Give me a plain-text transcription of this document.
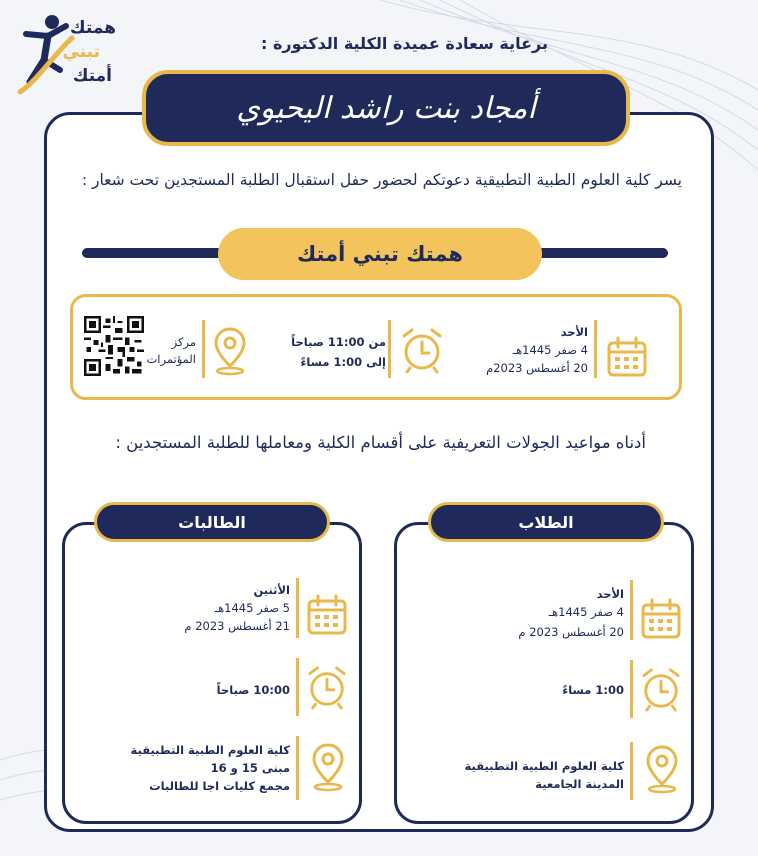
همتك
تبني
أمتك
برعاية سعادة عميدة الكلية الدكتورة :
أمجاد بنت راشد اليحيوي
يسر كلية العلوم الطبية التطبيقية دعوتكم لحضور حفل استقبال الطلبة المستجدين تحت شعار :
همتك تبني أمتك
الأحد
4 صفر 1445هـ
20 أغسطس 2023م
من 11:00 صباحاً
إلى 1:00 مساءً
مركز المؤتمرات
أدناه مواعيد الجولات التعريفية على أقسام الكلية ومعاملها للطلبة المستجدين :
الطلاب
الأحد
4 صفر 1445هـ
20 أغسطس 2023 م
1:00 مساءً
كلية العلوم الطبية التطبيقية
المدينة الجامعية
الطالبات
الأثنين
5 صفر 1445هـ
21 أغسطس 2023 م
10:00 صباحاً
كلية العلوم الطبية التطبيقية
مبنى 15 و 16
مجمع كليات اجا للطالبات
